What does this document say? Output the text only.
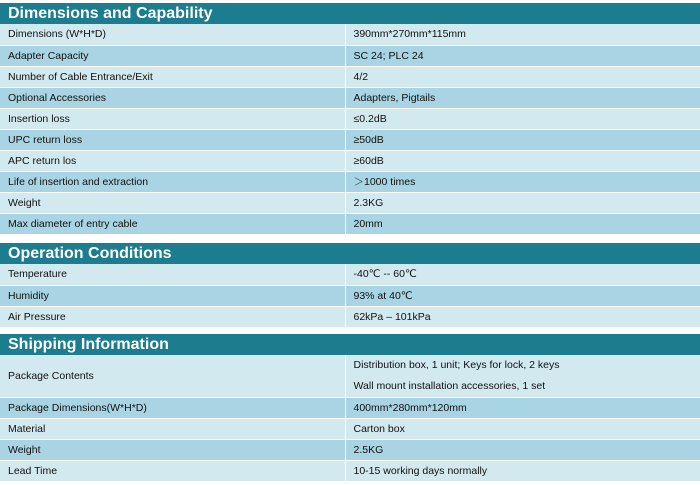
Dimensions and Capability
Dimensions (W*H*D)	390mm*270mm*115mm
Adapter Capacity	SC 24; PLC 24
Number of Cable Entrance/Exit	4/2
Optional Accessories	Adapters, Pigtails
Insertion loss	≤0.2dB
UPC return loss	≥50dB
APC return los	≥60dB
Life of insertion and extraction	＞1000 times
Weight	2.3KG
Max diameter of entry cable	20mm
Operation Conditions
Temperature	-40℃ -- 60℃
Humidity	93% at 40℃
Air Pressure	62kPa – 101kPa
Shipping Information
Package Contents	Distribution box, 1 unit; Keys for lock, 2 keys
Wall mount installation accessories, 1 set

Package Dimensions(W*H*D)	400mm*280mm*120mm
Material	Carton box
Weight	2.5KG
Lead Time	10-15 working days normally
